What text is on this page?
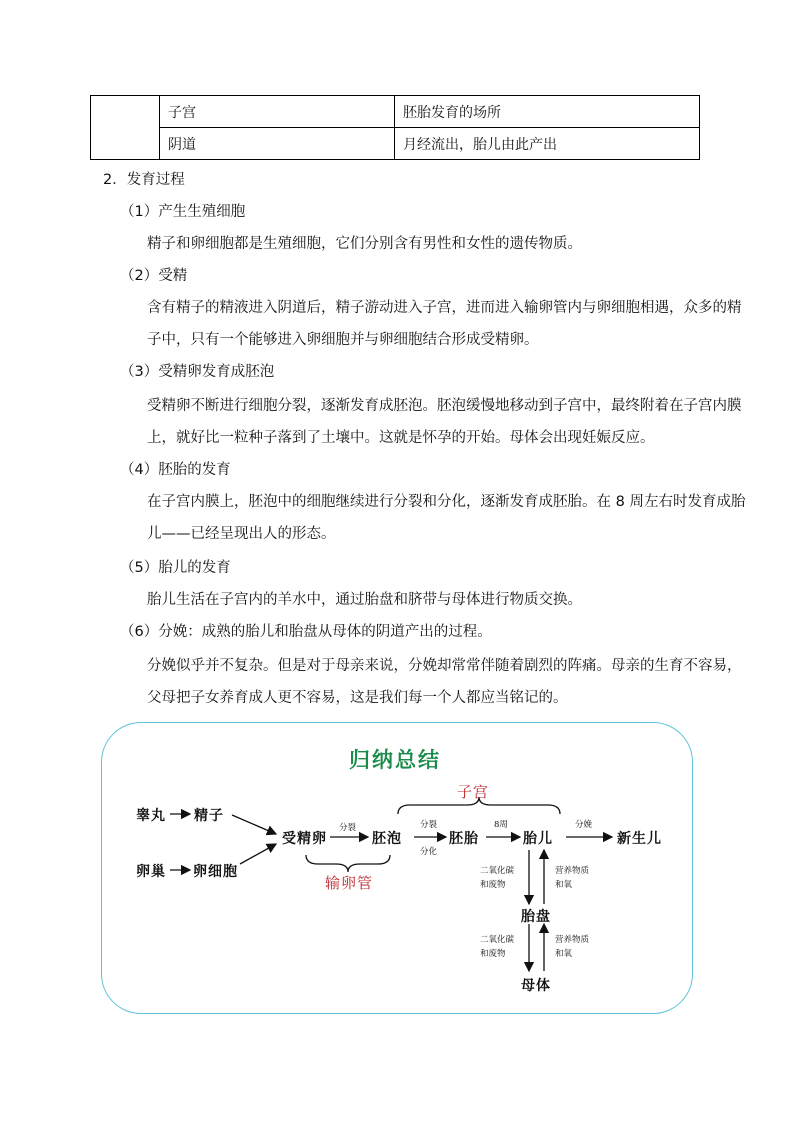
	子宫	胚胎发育的场所
	阴道	月经流出，胎儿由此产出
2．发育过程
（1）产生生殖细胞
精子和卵细胞都是生殖细胞，它们分别含有男性和女性的遗传物质。
（2）受精
含有精子的精液进入阴道后，精子游动进入子宫，进而进入输卵管内与卵细胞相遇，众多的精
子中，只有一个能够进入卵细胞并与卵细胞结合形成受精卵。
（3）受精卵发育成胚泡
受精卵不断进行细胞分裂，逐渐发育成胚泡。胚泡缓慢地移动到子宫中，最终附着在子宫内膜
上，就好比一粒种子落到了土壤中。这就是怀孕的开始。母体会出现妊娠反应。
（4）胚胎的发育
在子宫内膜上，胚泡中的细胞继续进行分裂和分化，逐渐发育成胚胎。在 8 周左右时发育成胎
儿——已经呈现出人的形态。
（5）胎儿的发育
胎儿生活在子宫内的羊水中，通过胎盘和脐带与母体进行物质交换。
（6）分娩：成熟的胎儿和胎盘从母体的阴道产出的过程。
分娩似乎并不复杂。但是对于母亲来说，分娩却常常伴随着剧烈的阵痛。母亲的生育不容易，
父母把子女养育成人更不容易，这是我们每一个人都应当铭记的。
归纳总结
睾丸 精子
卵巢 卵细胞
受精卵	胚泡	胚胎	胎儿	新生儿
胎盘
母体
子宫
输卵管
分裂	分裂
分化
8周	分娩
二氧化碳
和废物
营养物质
和氧
二氧化碳
和废物
营养物质
和氧
